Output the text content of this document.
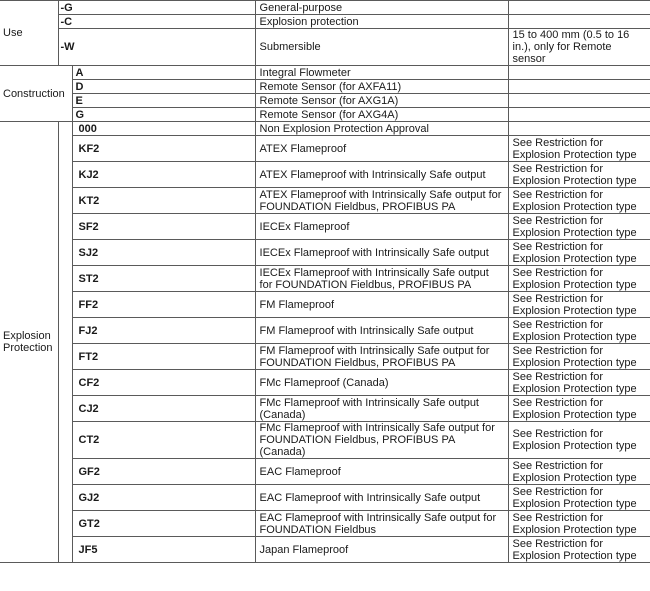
Use	-G		General-purpose	
	-C		Explosion protection	
	-W		Submersible	15 to 400 mm (0.5 to 16 in.), only for Remote sensor
Construction		A	Integral Flowmeter	
		D	Remote Sensor (for AXFA11)	
		E	Remote Sensor (for AXG1A)	
		G	Remote Sensor (for AXG4A)	

Explosion Protection		000	Non Explosion Protection Approval	
		KF2	ATEX Flameproof	See Restriction for Explosion Protection type
		KJ2	ATEX Flameproof with Intrinsically Safe output	See Restriction for Explosion Protection type
		KT2	ATEX Flameproof with Intrinsically Safe output for FOUNDATION Fieldbus, PROFIBUS PA	See Restriction for Explosion Protection type
		SF2	IECEx Flameproof	See Restriction for Explosion Protection type
		SJ2	IECEx Flameproof with Intrinsically Safe output	See Restriction for Explosion Protection type
		ST2	IECEx Flameproof with Intrinsically Safe output for FOUNDATION Fieldbus, PROFIBUS PA	See Restriction for Explosion Protection type
		FF2	FM Flameproof	See Restriction for Explosion Protection type
		FJ2	FM Flameproof with Intrinsically Safe output	See Restriction for Explosion Protection type
		FT2	FM Flameproof with Intrinsically Safe output for FOUNDATION Fieldbus, PROFIBUS PA	See Restriction for Explosion Protection type
		CF2	FMc Flameproof (Canada)	See Restriction for Explosion Protection type
		CJ2	FMc Flameproof with Intrinsically Safe output (Canada)	See Restriction for Explosion Protection type
		CT2	FMc Flameproof with Intrinsically Safe output for FOUNDATION Fieldbus, PROFIBUS PA (Canada)	See Restriction for Explosion Protection type
		GF2	EAC Flameproof	See Restriction for Explosion Protection type
		GJ2	EAC Flameproof with Intrinsically Safe output	See Restriction for Explosion Protection type
		GT2	EAC Flameproof with Intrinsically Safe output for FOUNDATION Fieldbus	See Restriction for Explosion Protection type
		JF5	Japan Flameproof	See Restriction for Explosion Protection type
